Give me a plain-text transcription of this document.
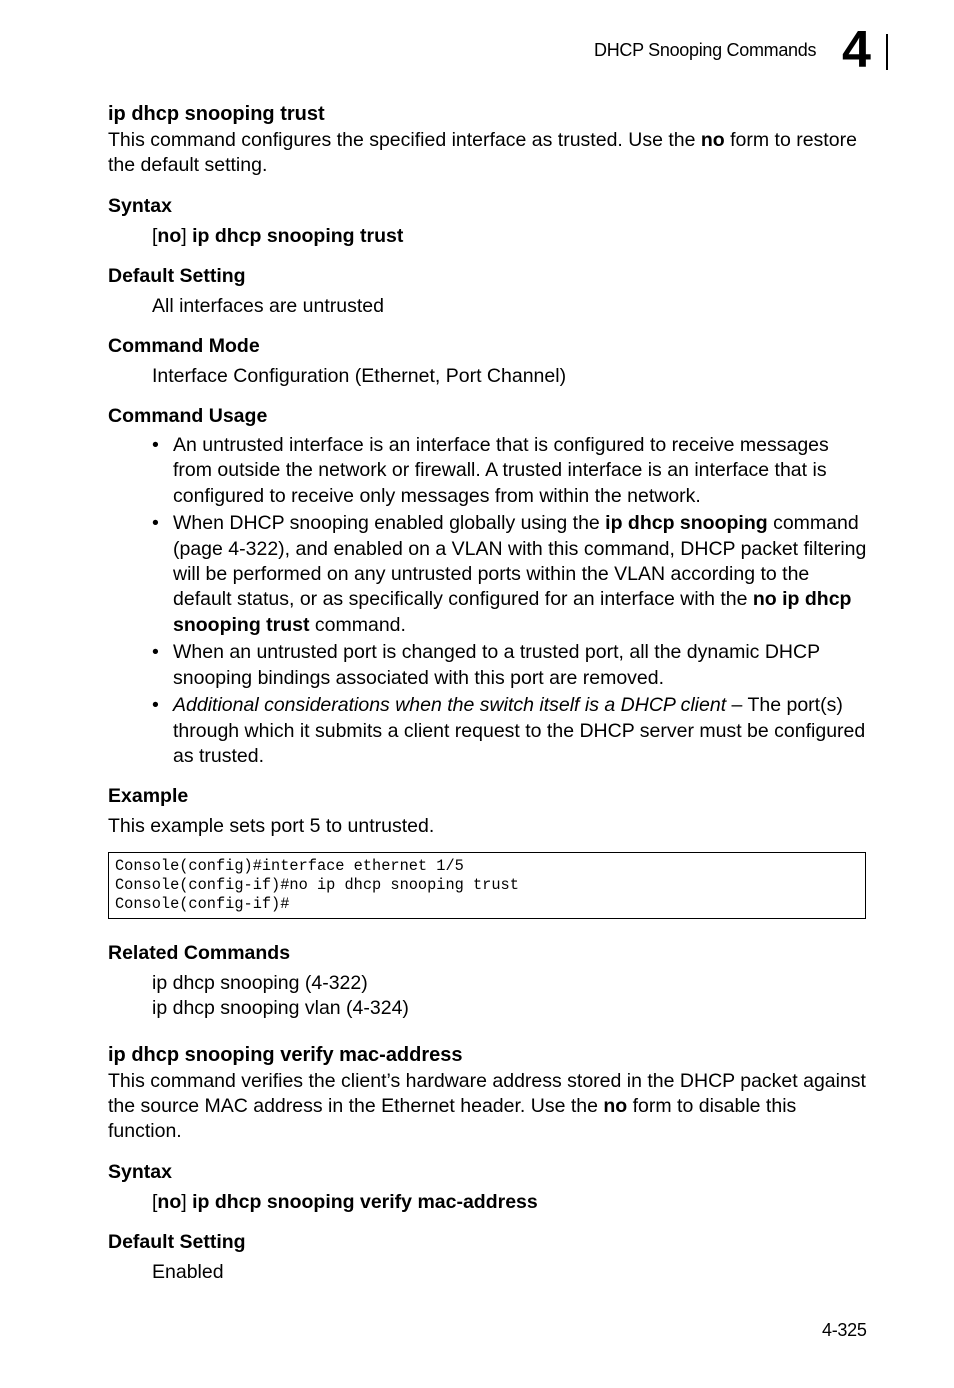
DHCP Snooping Commands 4
ip dhcp snooping trust
This command configures the specified interface as trusted. Use the no form to restore the default setting.
Syntax
[no] ip dhcp snooping trust
Default Setting
All interfaces are untrusted
Command Mode
Interface Configuration (Ethernet, Port Channel)
Command Usage
• An untrusted interface is an interface that is configured to receive messages from outside the network or firewall. A trusted interface is an interface that is configured to receive only messages from within the network.
• When DHCP snooping enabled globally using the ip dhcp snooping command (page 4-322), and enabled on a VLAN with this command, DHCP packet filtering will be performed on any untrusted ports within the VLAN according to the default status, or as specifically configured for an interface with the no ip dhcp snooping trust command.
• When an untrusted port is changed to a trusted port, all the dynamic DHCP snooping bindings associated with this port are removed.
• Additional considerations when the switch itself is a DHCP client – The port(s) through which it submits a client request to the DHCP server must be configured as trusted.
Example
This example sets port 5 to untrusted.
Console(config)#interface ethernet 1/5
Console(config-if)#no ip dhcp snooping trust
Console(config-if)#
Related Commands
ip dhcp snooping (4-322)
ip dhcp snooping vlan (4-324)
ip dhcp snooping verify mac-address
This command verifies the client’s hardware address stored in the DHCP packet against the source MAC address in the Ethernet header. Use the no form to disable this function.
Syntax
[no] ip dhcp snooping verify mac-address
Default Setting
Enabled
4-325
